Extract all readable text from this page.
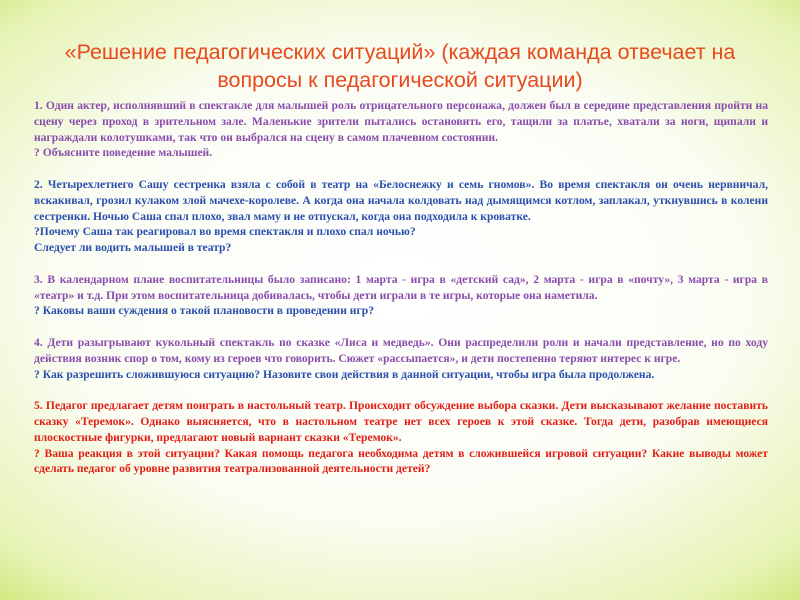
«Решение педагогических ситуаций» (каждая команда отвечает на вопросы к педагогической ситуации)

1. Один актер, исполнявший в спектакле для малышей роль отрицательного персонажа, должен был в середине представления пройти на сцену через проход в зрительном зале. Маленькие зрители пытались остановить его, тащили за платье, хватали за ноги, щипали и награждали колотушками, так что он выбрался на сцену в самом плачевном состоянии.

? Объясните поведение малышей.

2. Четырехлетнего Сашу сестренка взяла с собой в театр на «Белоснежку и семь гномов». Во время спектакля он очень нервничал, вскакивал, грозил кулаком злой мачехе-королеве. А когда она начала колдовать над дымящимся котлом, заплакал, уткнувшись в колени сестренки. Ночью Саша спал плохо, звал маму и не отпускал, когда она подходила к кроватке.

?Почему Саша так реагировал во время спектакля и плохо спал ночью?

Следует ли водить малышей в театр?

3. В календарном плане воспитательницы было записано: 1 марта - игра в «детский сад», 2 марта - игра в «почту», 3 марта - игра в «театр» и т.д. При этом воспитательница добивалась, чтобы дети играли в те игры, которые она наметила.

? Каковы ваши суждения о такой плановости в проведении игр?

4. Дети разыгрывают кукольный спектакль по сказке «Лиса и медведь». Они распределили роли и начали представление, но по ходу действия возник спор о том, кому из героев что говорить. Сюжет «рассыпается», и дети постепенно теряют интерес к игре.

? Как разрешить сложившуюся ситуацию? Назовите свои действия в данной ситуации, чтобы игра была продолжена.

5. Педагог предлагает детям поиграть в настольный театр. Происходит обсуждение выбора сказки. Дети высказывают желание поставить сказку «Теремок». Однако выясняется, что в настольном театре нет всех героев к этой сказке. Тогда дети, разобрав имеющиеся плоскостные фигурки, предлагают новый вариант сказки «Теремок».

? Ваша реакция в этой ситуации? Какая помощь педагога необходима детям в сложившейся игровой ситуации? Какие выводы может сделать педагог об уровне развития театрализованной деятельности детей?
